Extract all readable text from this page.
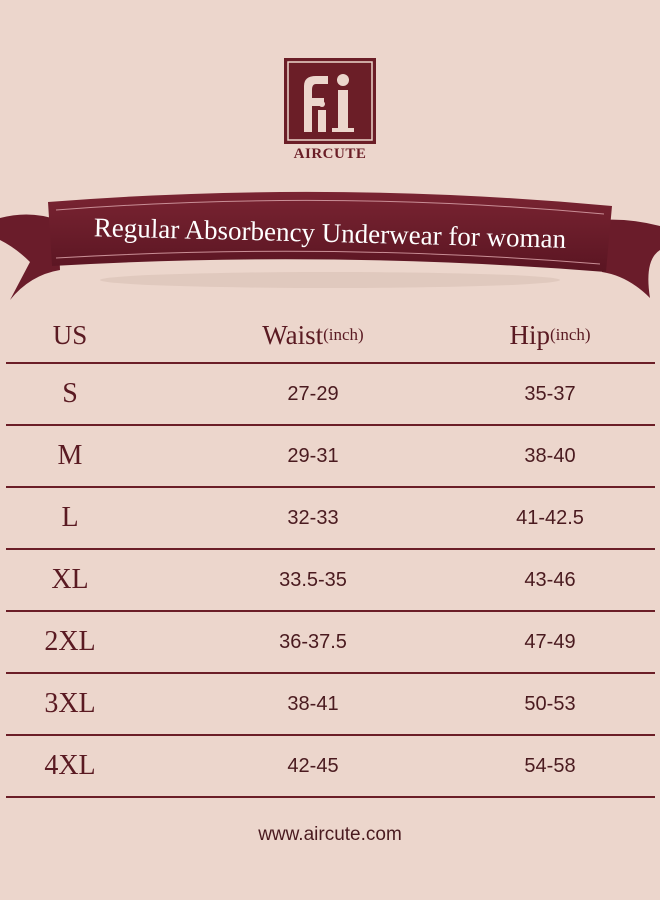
AIRCUTE
Regular Absorbency Underwear for woman
US	Waist (inch)	Hip (inch)
S	27-29	35-37
M	29-31	38-40
L	32-33	41-42.5
XL	33.5-35	43-46
2XL	36-37.5	47-49
3XL	38-41	50-53
4XL	42-45	54-58
www.aircute.com
